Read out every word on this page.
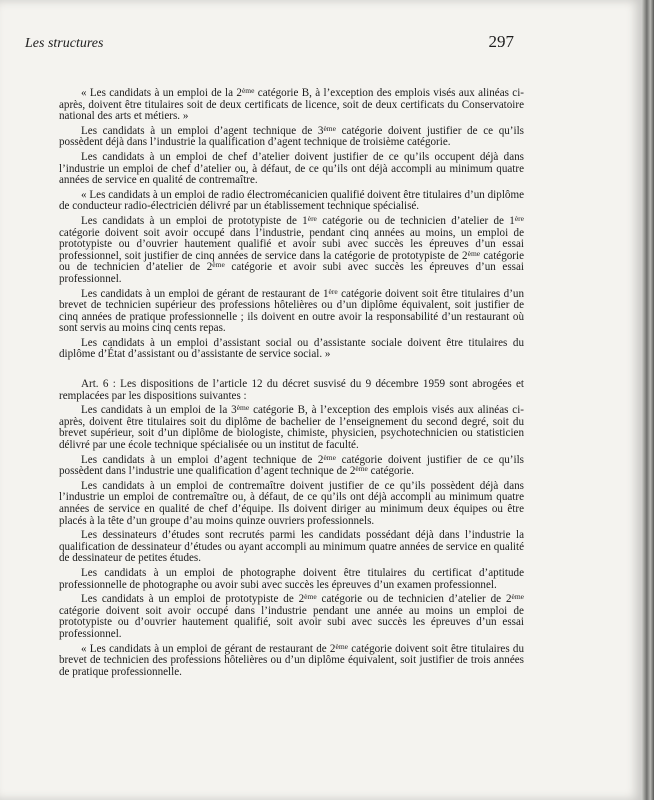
Les structures	297

« Les candidats à un emploi de la 2ème catégorie B, à l’exception des emplois visés aux alinéas ci-après, doivent être titulaires soit de deux certificats de licence, soit de deux certificats du Conservatoire national des arts et métiers. »

Les candidats à un emploi d’agent technique de 3ème catégorie doivent justifier de ce qu’ils possèdent déjà dans l’industrie la qualification d’agent technique de troisième catégorie.

Les candidats à un emploi de chef d’atelier doivent justifier de ce qu’ils occupent déjà dans l’industrie un emploi de chef d’atelier ou, à défaut, de ce qu’ils ont déjà accompli au minimum quatre années de service en qualité de contremaître.

« Les candidats à un emploi de radio électromécanicien qualifié doivent être titulaires d’un diplôme de conducteur radio-électricien délivré par un établissement technique spécialisé.

Les candidats à un emploi de prototypiste de 1ère catégorie ou de technicien d’atelier de 1ère catégorie doivent soit avoir occupé dans l’industrie, pendant cinq années au moins, un emploi de prototypiste ou d’ouvrier hautement qualifié et avoir subi avec succès les épreuves d’un essai professionnel, soit justifier de cinq années de service dans la catégorie de prototypiste de 2ème catégorie ou de technicien d’atelier de 2ème catégorie et avoir subi avec succès les épreuves d’un essai professionnel.

Les candidats à un emploi de gérant de restaurant de 1ère catégorie doivent soit être titulaires d’un brevet de technicien supérieur des professions hôtelières ou d’un diplôme équivalent, soit justifier de cinq années de pratique professionnelle ; ils doivent en outre avoir la responsabilité d’un restaurant où sont servis au moins cinq cents repas.

Les candidats à un emploi d’assistant social ou d’assistante sociale doivent être titulaires du diplôme d’État d’assistant ou d’assistante de service social. »

Art. 6 : Les dispositions de l’article 12 du décret susvisé du 9 décembre 1959 sont abrogées et remplacées par les dispositions suivantes :

Les candidats à un emploi de la 3ème catégorie B, à l’exception des emplois visés aux alinéas ci-après, doivent être titulaires soit du diplôme de bachelier de l’enseignement du second degré, soit du brevet supérieur, soit d’un diplôme de biologiste, chimiste, physicien, psychotechnicien ou statisticien délivré par une école technique spécialisée ou un institut de faculté.

Les candidats à un emploi d’agent technique de 2ème catégorie doivent justifier de ce qu’ils possèdent dans l’industrie une qualification d’agent technique de 2ème catégorie.

Les candidats à un emploi de contremaître doivent justifier de ce qu’ils possèdent déjà dans l’industrie un emploi de contremaître ou, à défaut, de ce qu’ils ont déjà accompli au minimum quatre années de service en qualité de chef d’équipe. Ils doivent diriger au minimum deux équipes ou être placés à la tête d’un groupe d’au moins quinze ouvriers professionnels.

Les dessinateurs d’études sont recrutés parmi les candidats possédant déjà dans l’industrie la qualification de dessinateur d’études ou ayant accompli au minimum quatre années de service en qualité de dessinateur de petites études.

Les candidats à un emploi de photographe doivent être titulaires du certificat d’aptitude professionnelle de photographe ou avoir subi avec succès les épreuves d’un examen professionnel.

Les candidats à un emploi de prototypiste de 2ème catégorie ou de technicien d’atelier de 2ème catégorie doivent soit avoir occupé dans l’industrie pendant une année au moins un emploi de prototypiste ou d’ouvrier hautement qualifié, soit avoir subi avec succès les épreuves d’un essai professionnel.

« Les candidats à un emploi de gérant de restaurant de 2ème catégorie doivent soit être titulaires du brevet de technicien des professions hôtelières ou d’un diplôme équivalent, soit justifier de trois années de pratique professionnelle.
